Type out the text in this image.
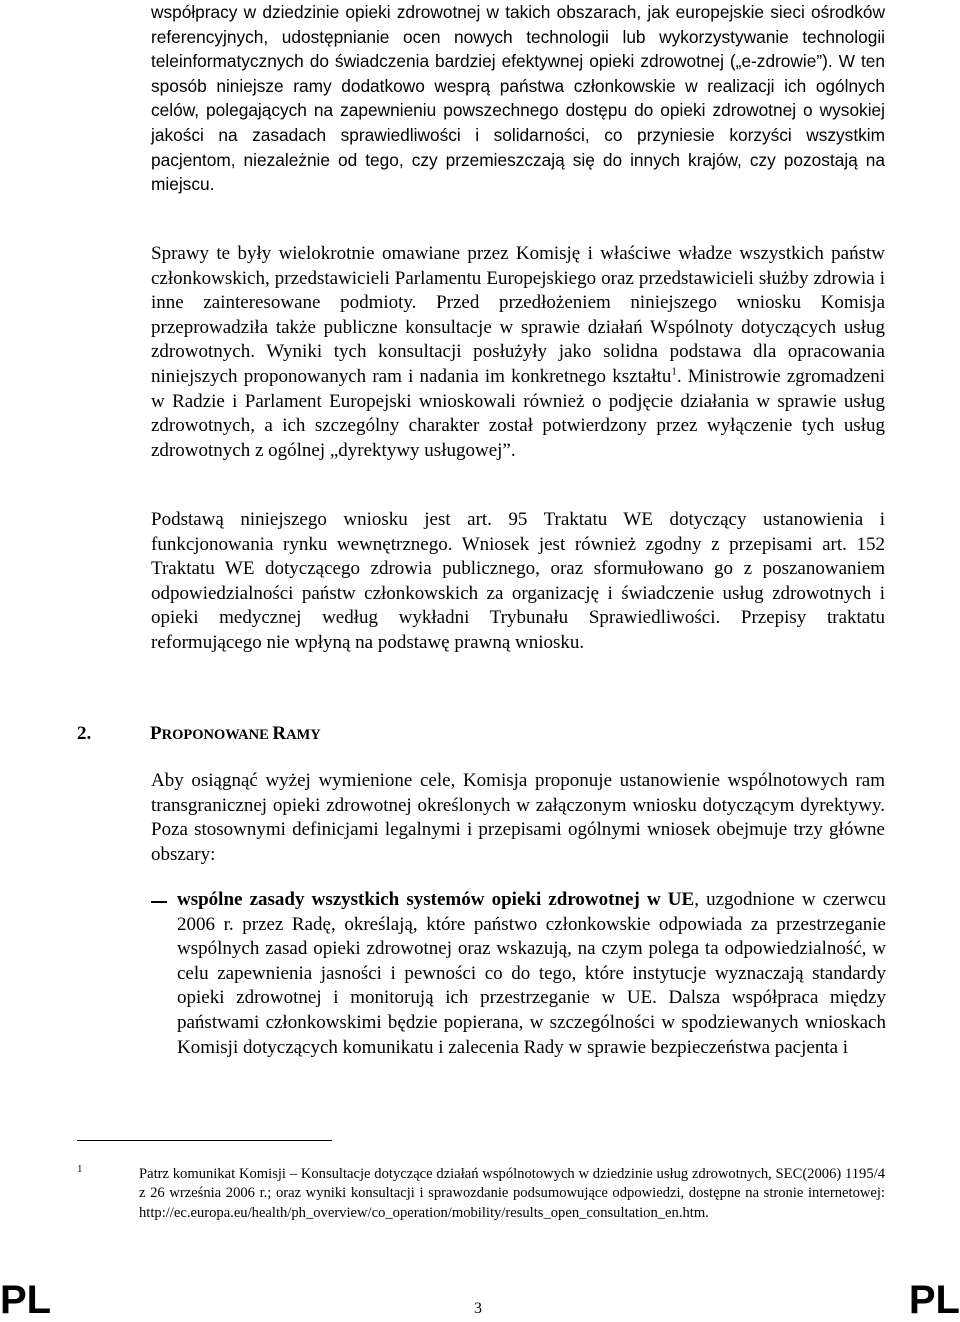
współpracy w dziedzinie opieki zdrowotnej w takich obszarach, jak europejskie sieci ośrodków referencyjnych, udostępnianie ocen nowych technologii lub wykorzystywanie technologii teleinformatycznych do świadczenia bardziej efektywnej opieki zdrowotnej („e-zdrowie”). W ten sposób niniejsze ramy dodatkowo wesprą państwa członkowskie w realizacji ich ogólnych celów, polegających na zapewnieniu powszechnego dostępu do opieki zdrowotnej o wysokiej jakości na zasadach sprawiedliwości i solidarności, co przyniesie korzyści wszystkim pacjentom, niezależnie od tego, czy przemieszczają się do innych krajów, czy pozostają na miejscu.

Sprawy te były wielokrotnie omawiane przez Komisję i właściwe władze wszystkich państw członkowskich, przedstawicieli Parlamentu Europejskiego oraz przedstawicieli służby zdrowia i inne zainteresowane podmioty. Przed przedłożeniem niniejszego wniosku Komisja przeprowadziła także publiczne konsultacje w sprawie działań Wspólnoty dotyczących usług zdrowotnych. Wyniki tych konsultacji posłużyły jako solidna podstawa dla opracowania niniejszych proponowanych ram i nadania im konkretnego kształtu$^1$. Ministrowie zgromadzeni w Radzie i Parlament Europejski wnioskowali również o podjęcie działania w sprawie usług zdrowotnych, a ich szczególny charakter został potwierdzony przez wyłączenie tych usług zdrowotnych z ogólnej „dyrektywy usługowej”.

Podstawą niniejszego wniosku jest art. 95 Traktatu WE dotyczący ustanowienia i funkcjonowania rynku wewnętrznego. Wniosek jest również zgodny z przepisami art. 152 Traktatu WE dotyczącego zdrowia publicznego, oraz sformułowano go z poszanowaniem odpowiedzialności państw członkowskich za organizację i świadczenie usług zdrowotnych i opieki medycznej według wykładni Trybunału Sprawiedliwości. Przepisy traktatu reformującego nie wpłyną na podstawę prawną wniosku.

2.	PROPONOWANE RAMY

Aby osiągnąć wyżej wymienione cele, Komisja proponuje ustanowienie wspólnotowych ram transgranicznej opieki zdrowotnej określonych w załączonym wniosku dotyczącym dyrektywy. Poza stosownymi definicjami legalnymi i przepisami ogólnymi wniosek obejmuje trzy główne obszary:

wspólne zasady wszystkich systemów opieki zdrowotnej w UE, uzgodnione w czerwcu 2006 r. przez Radę, określają, które państwo członkowskie odpowiada za przestrzeganie wspólnych zasad opieki zdrowotnej oraz wskazują, na czym polega ta odpowiedzialność, w celu zapewnienia jasności i pewności co do tego, które instytucje wyznaczają standardy opieki zdrowotnej i monitorują ich przestrzeganie w UE. Dalsza współpraca między państwami członkowskimi będzie popierana, w szczególności w spodziewanych wnioskach Komisji dotyczących komunikatu i zalecenia Rady w sprawie bezpieczeństwa pacjenta i

1	Patrz komunikat Komisji – Konsultacje dotyczące działań wspólnotowych w dziedzinie usług zdrowotnych, SEC(2006) 1195/4 z 26 września 2006 r.; oraz wyniki konsultacji i sprawozdanie podsumowujące odpowiedzi, dostępne na stronie internetowej: http://ec.europa.eu/health/ph_overview/co_operation/mobility/results_open_consultation_en.htm.

PL	3	PL
